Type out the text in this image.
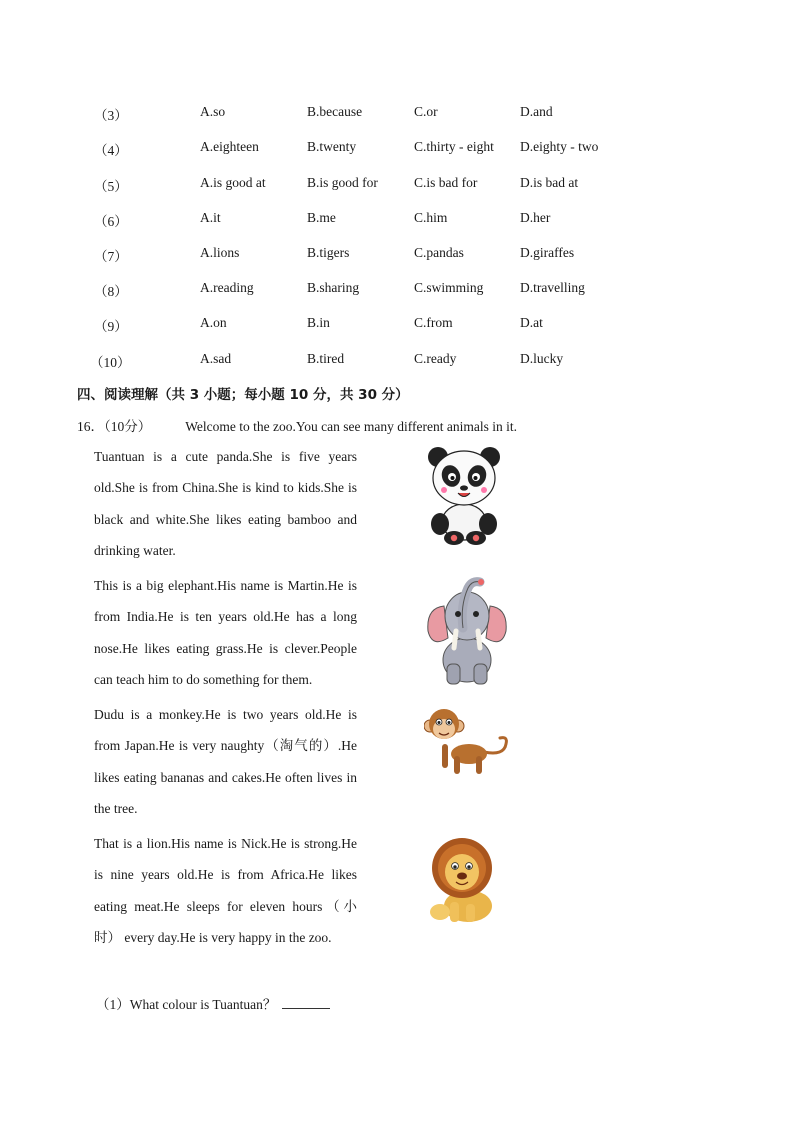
（3）	A.so	B.because	C.or	D.and
（4）	A.eighteen	B.twenty	C.thirty - eight D.eighty - two
（5）	A.is good at	B.is good for	C.is bad for	D.is bad at
（6）	A.it	B.me	C.him	D.her
（7）	A.lions	B.tigers	C.pandas	D.giraffes
（8）	A.reading	B.sharing	C.swimming	D.travelling
（9）	A.on	B.in	C.from	D.at
（10）	A.sad	B.tired	C.ready	D.lucky
四、阅读理解（共 3 小题；每小题 10 分，共 30 分）
16．（10分）	Welcome to the zoo.You can see many different animals in it.
Tuantuan is a cute panda.She is five years old.She is from China.She is kind to kids.She is black and white.She likes eating bamboo and drinking water.
This is a big elephant.His name is Martin.He is from India.He is ten years old.He has a long nose.He likes eating grass.He is clever.People can teach him to do something for them.
Dudu is a monkey.He is two years old.He is from Japan.He is very naughty（淘气的）.He likes eating bananas and cakes.He often lives in the tree.
That is a lion.His name is Nick.He is strong.He is nine years old.He is from Africa.He likes eating meat.He sleeps for eleven hours（小时） every day.He is very happy in the zoo.
（1）What colour is Tuantuan？
